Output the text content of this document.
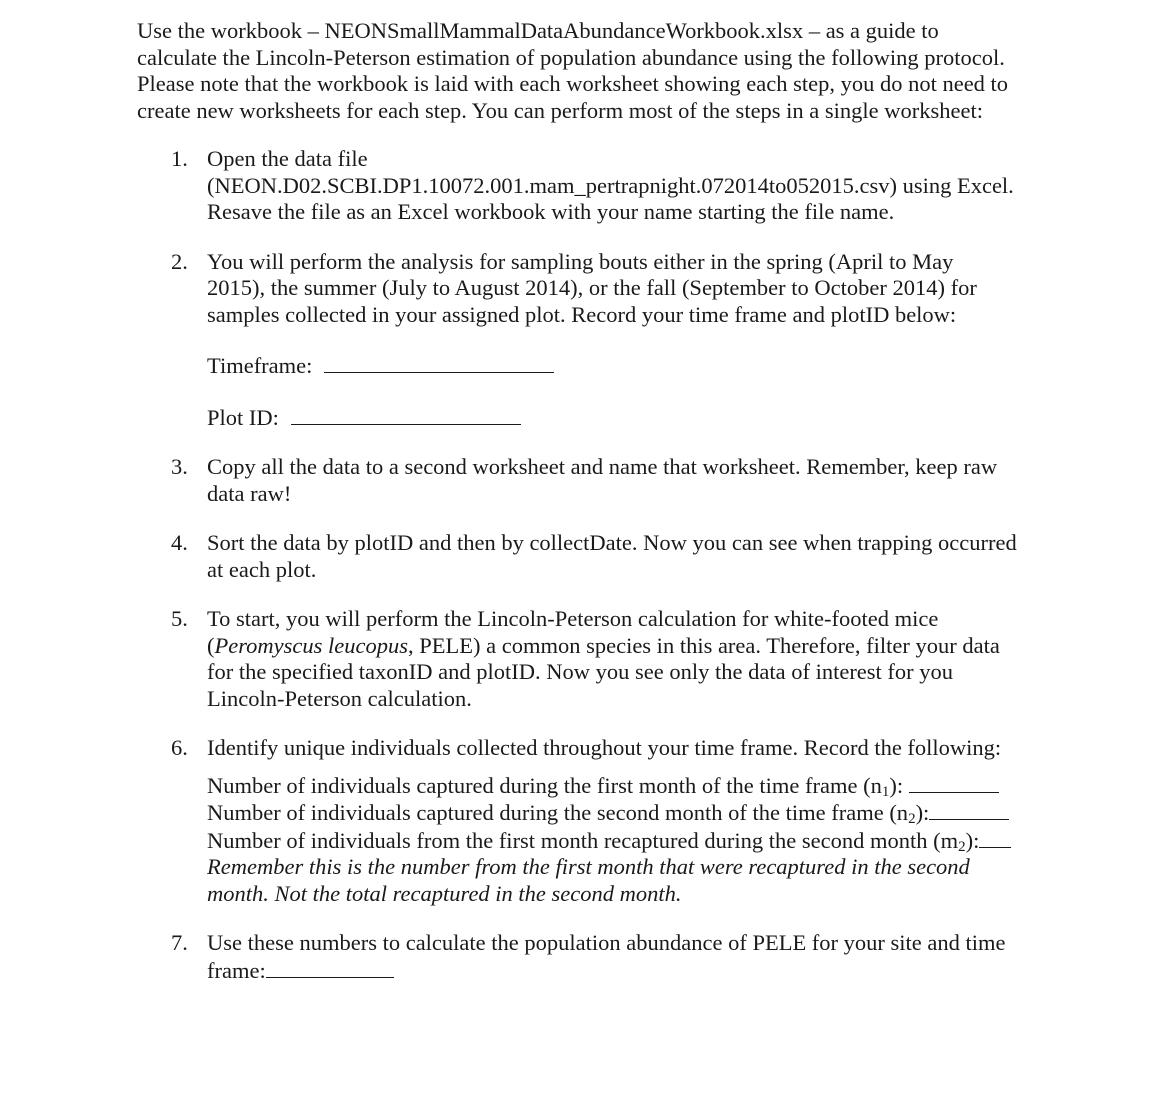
Use the workbook – NEONSmallMammalDataAbundanceWorkbook.xlsx – as a guide to
calculate the Lincoln-Peterson estimation of population abundance using the following protocol.
Please note that the workbook is laid with each worksheet showing each step, you do not need to
create new worksheets for each step. You can perform most of the steps in a single worksheet:

1. Open the data file
(NEON.D02.SCBI.DP1.10072.001.mam_pertrapnight.072014to052015.csv) using Excel.
Resave the file as an Excel workbook with your name starting the file name.
2. You will perform the analysis for sampling bouts either in the spring (April to May
2015), the summer (July to August 2014), or the fall (September to October 2014) for
samples collected in your assigned plot. Record your time frame and plotID below:
Timeframe:
Plot ID:
3. Copy all the data to a second worksheet and name that worksheet. Remember, keep raw
data raw!
4. Sort the data by plotID and then by collectDate. Now you can see when trapping occurred
at each plot.
5. To start, you will perform the Lincoln-Peterson calculation for white-footed mice
(Peromyscus leucopus, PELE) a common species in this area. Therefore, filter your data
for the specified taxonID and plotID. Now you see only the data of interest for you
Lincoln-Peterson calculation.
6. Identify unique individuals collected throughout your time frame. Record the following:
Number of individuals captured during the first month of the time frame $(n_1)$:
Number of individuals captured during the second month of the time frame $(n_2)$:
Number of individuals from the first month recaptured during the second month $(m_2)$:
Remember this is the number from the first month that were recaptured in the second
month. Not the total recaptured in the second month.
7. Use these numbers to calculate the population abundance of PELE for your site and time
frame:
